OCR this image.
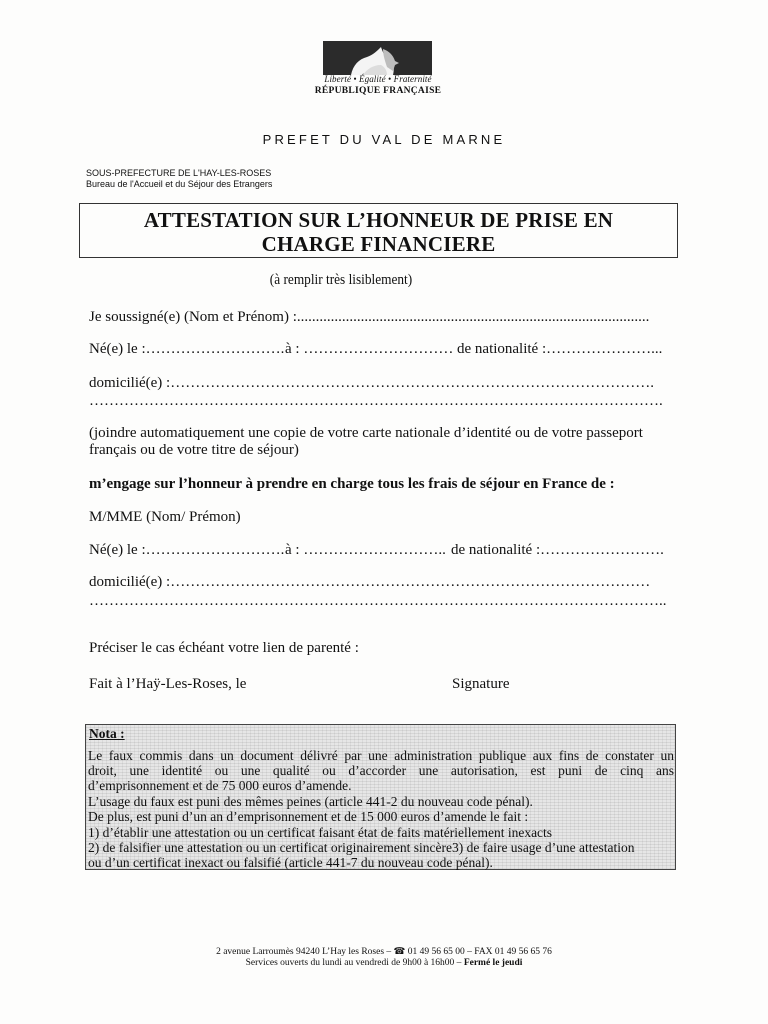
Liberté • Égalité • Fraternité
RÉPUBLIQUE FRANÇAISE
PREFET DU VAL DE MARNE
SOUS-PREFECTURE DE L'HAY-LES-ROSES
Bureau de l'Accueil et du Séjour des Etrangers
ATTESTATION SUR L’HONNEUR DE PRISE EN
CHARGE FINANCIERE
(à remplir très lisiblement)
Je soussigné(e) (Nom et Prénom) :..............................................................................................
Né(e) le :………………………. à : ………………………… de nationalité :…………………...
domicilié(e) :…………………………………………………………………………………….
…………………………………………………………………………………………………….
(joindre automatiquement une copie de votre carte nationale d’identité ou de votre passeport
français ou de votre titre de séjour)
m’engage sur l’honneur à prendre en charge tous les frais de séjour en France de :
M/MME (Nom/ Prémon)
Né(e) le :………………………. à : ……………………….. de nationalité :…………………….
domicilié(e) :……………………………………………………………………………………
……………………………………………………………………………………………………..
Préciser le cas échéant votre lien de parenté :
Fait à l’Haÿ-Les-Roses, le	Signature
Nota :
Le faux commis dans un document délivré par une administration publique aux fins de constater un
droit, une identité ou une qualité ou d’accorder une autorisation, est puni de cinq ans
d’emprisonnement et de 75 000 euros d’amende.
L’usage du faux est puni des mêmes peines (article 441-2 du nouveau code pénal).
De plus, est puni d’un an d’emprisonnement et de 15 000 euros d’amende le fait :
1) d’établir une attestation ou un certificat faisant état de faits matériellement inexacts
2) de falsifier une attestation ou un certificat originairement sincère3) de faire usage d’une attestation
ou d’un certificat inexact ou falsifié (article 441-7 du nouveau code pénal).
2 avenue Larroumès 94240 L’Hay les Roses – ☎ 01 49 56 65 00 – FAX 01 49 56 65 76
Services ouverts du lundi au vendredi de 9h00 à 16h00 – Fermé le jeudi
